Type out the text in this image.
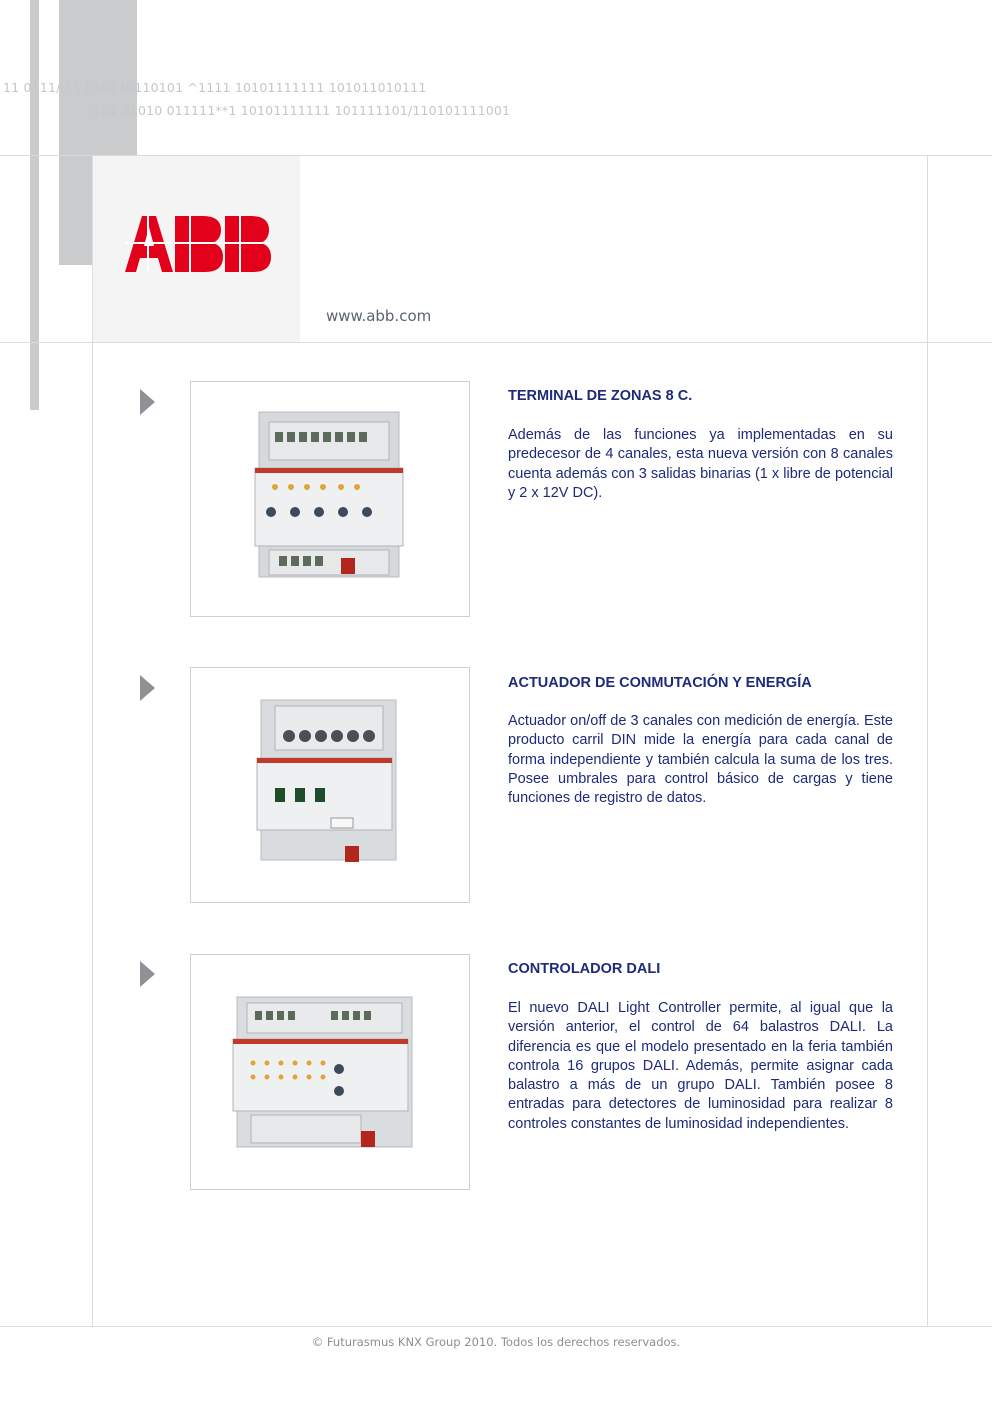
11 0111//11 010110110101 ^1111 10101111111 101011010111
101 01010 011111**1 10101111111 101111101/110101111001
www.abb.com
TERMINAL DE ZONAS 8 C.
Además de las funciones ya implementadas en su predecesor de 4 canales, esta nueva versión con 8 canales cuenta además con 3 salidas binarias (1 x libre de potencial y 2 x 12V DC).
ACTUADOR DE CONMUTACIÓN Y ENERGÍA
Actuador on/off de 3 canales con medición de energía. Este producto carril DIN mide la energía para cada canal de forma independiente y también calcula la suma de los tres. Posee umbrales para control básico de cargas y tiene funciones de registro de datos.
CONTROLADOR DALI
El nuevo DALI Light Controller permite, al igual que la versión anterior, el control de 64 balastros DALI. La diferencia es que el modelo presentado en la feria también controla 16 grupos DALI. Además, permite asignar cada balastro a más de un grupo DALI. También posee 8 entradas para detectores de luminosidad para realizar 8 controles constantes de luminosidad independientes.
© Futurasmus KNX Group 2010. Todos los derechos reservados.
